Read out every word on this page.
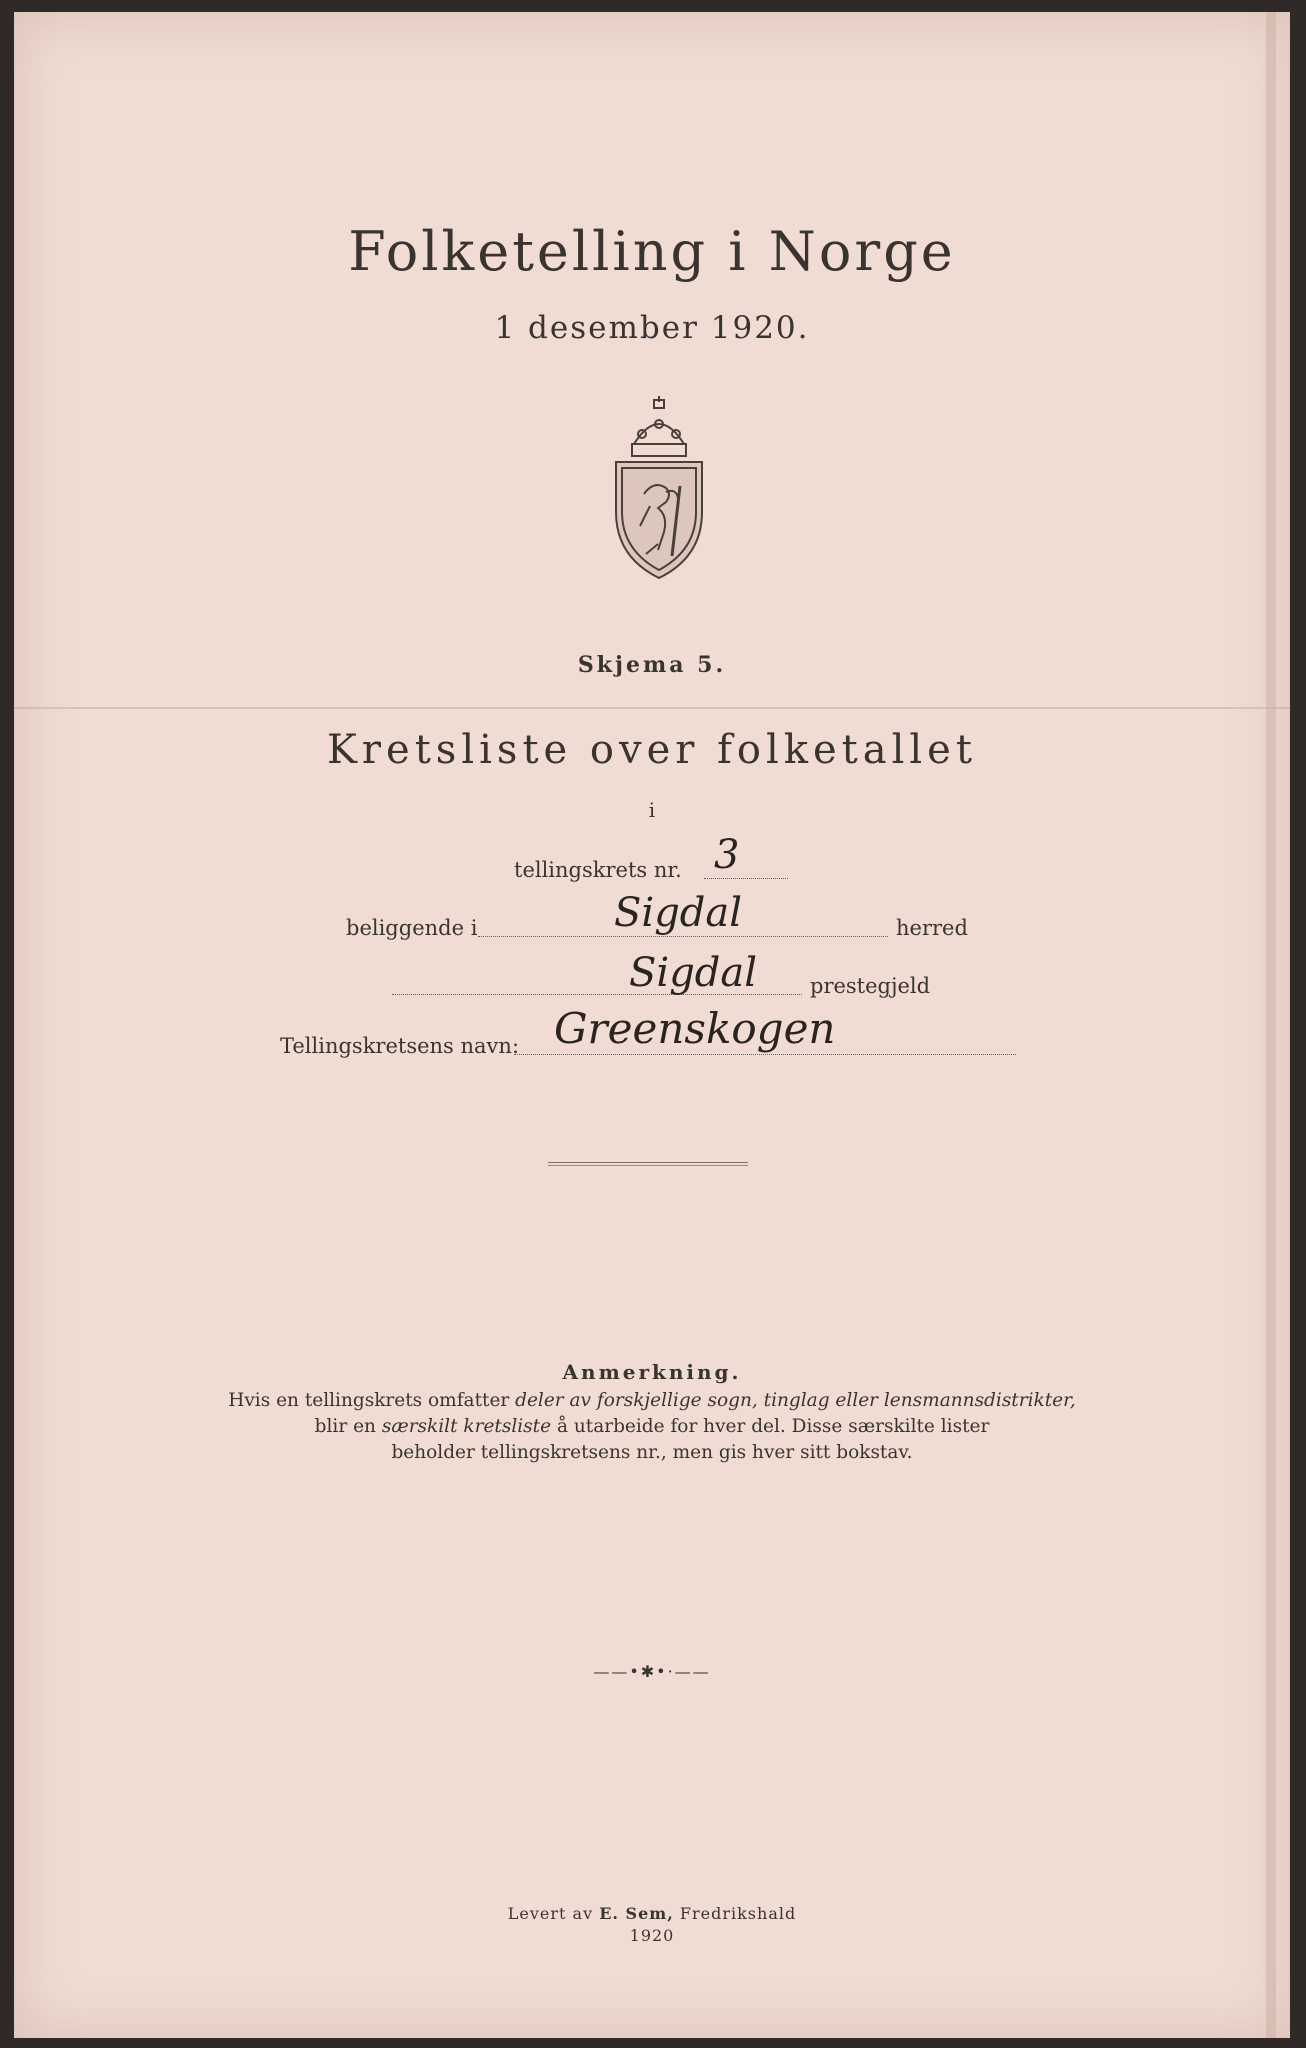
Folketelling i Norge
1 desember 1920.
Skjema 5.
Kretsliste over folketallet
i
tellingskrets nr. 3
beliggende i	Sigdal	herred
Sigdal	prestegjeld
Tellingskretsens navn: Greenskogen
Anmerkning.
Hvis en tellingskrets omfatter deler av forskjellige sogn, tinglag eller lensmannsdistrikter,
blir en særskilt kretsliste å utarbeide for hver del. Disse særskilte lister
beholder tellingskretsens nr., men gis hver sitt bokstav.
——•✱•·——
Levert av E. Sem, Fredrikshald
1920
